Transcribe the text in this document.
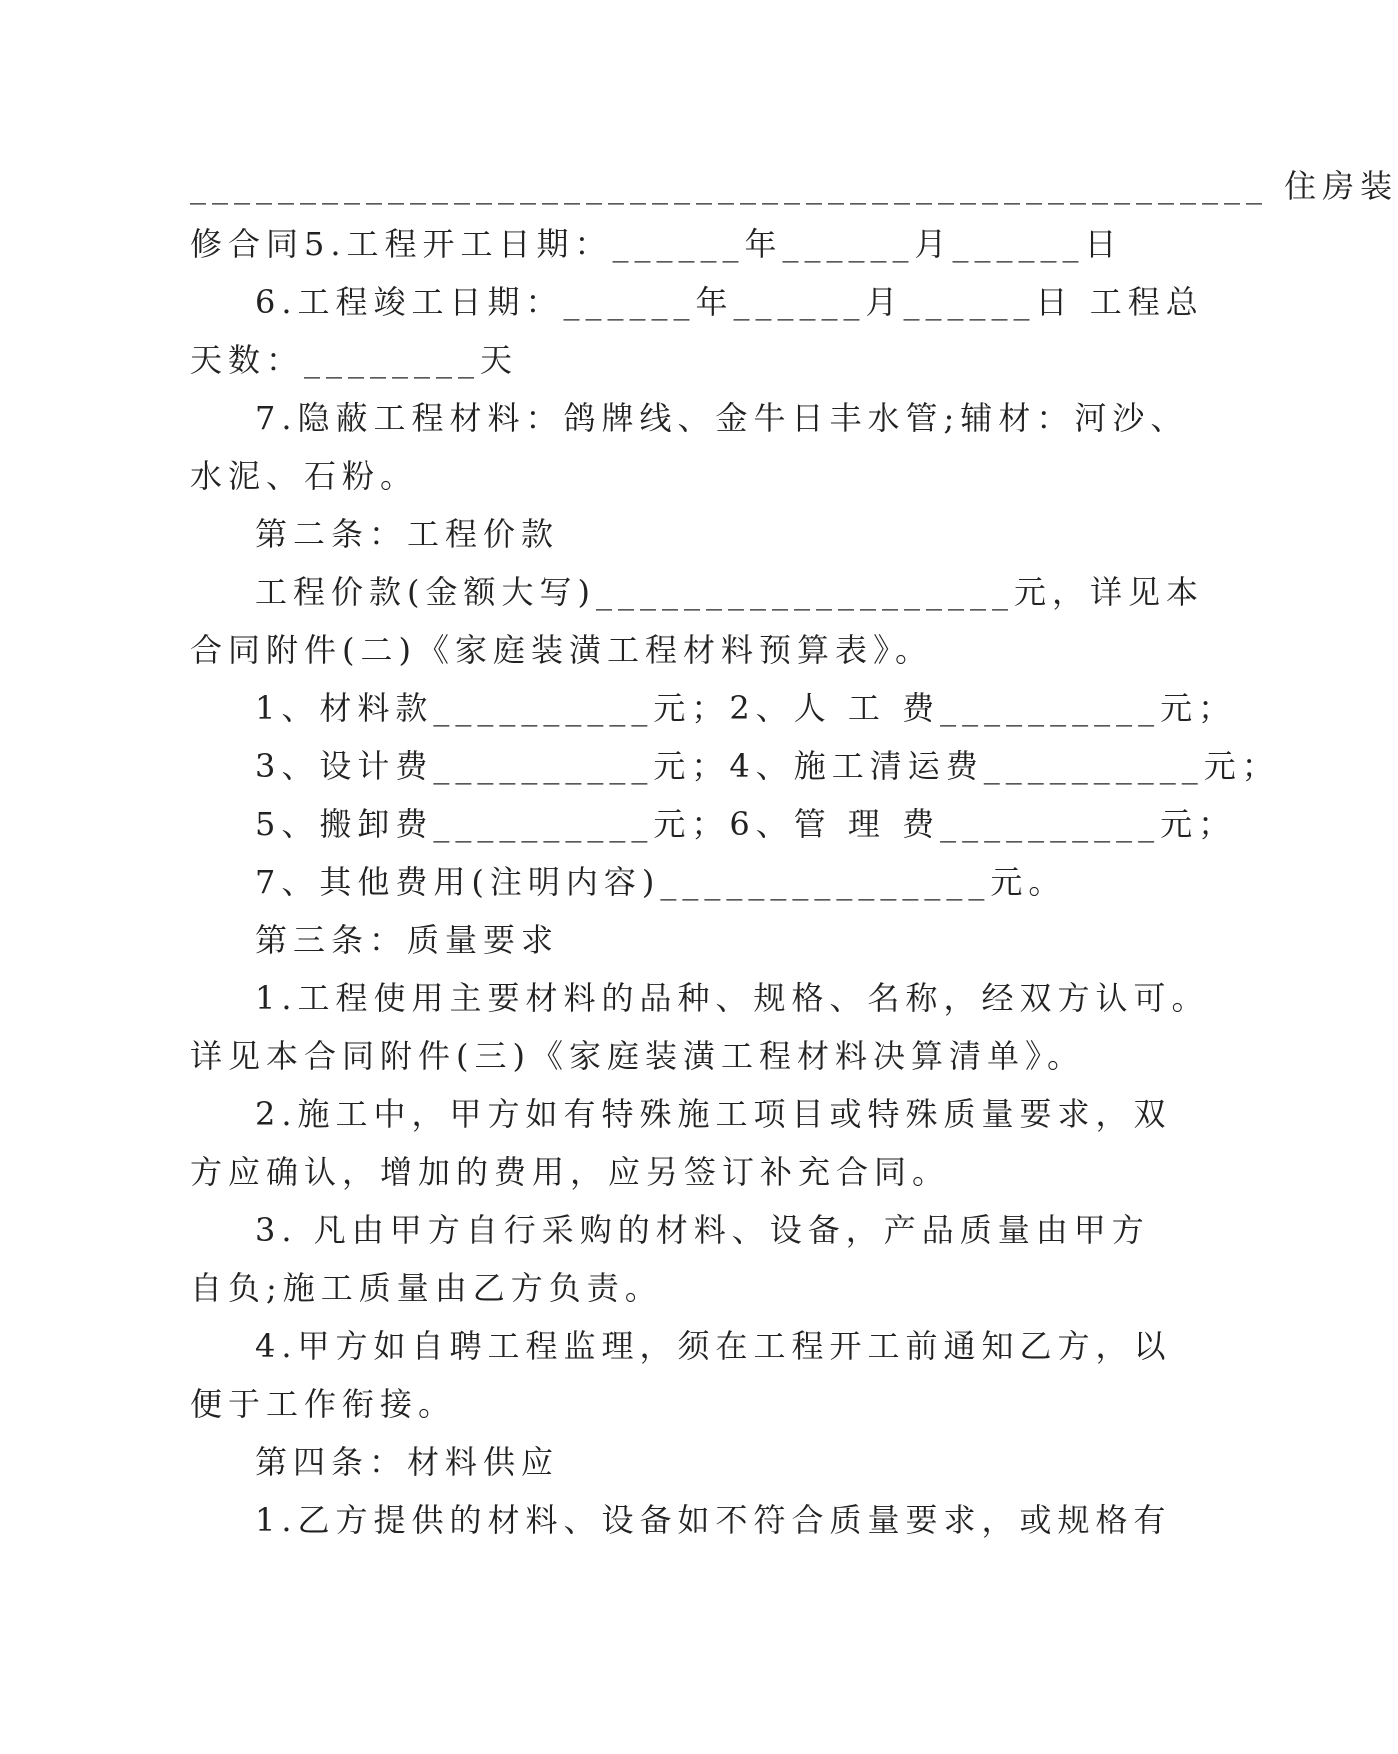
_________________________________________________ 住房装
修合同5.工程开工日期：______年______月______日
6.工程竣工日期：______年______月______日 工程总
天数：________天
7.隐蔽工程材料：鸽牌线、金牛日丰水管;辅材：河沙、
水泥、石粉。
第二条：工程价款
工程价款(金额大写)___________________元，详见本
合同附件(二)《家庭装潢工程材料预算表》。
1、材料款__________元；2、人 工 费__________元；
3、设计费__________元；4、施工清运费__________元；
5、搬卸费__________元；6、管 理 费__________元；
7、其他费用(注明内容)_______________元。
第三条：质量要求
1.工程使用主要材料的品种、规格、名称，经双方认可。
详见本合同附件(三)《家庭装潢工程材料决算清单》。
2.施工中，甲方如有特殊施工项目或特殊质量要求，双
方应确认，增加的费用，应另签订补充合同。
3. 凡由甲方自行采购的材料、设备，产品质量由甲方
自负;施工质量由乙方负责。
4.甲方如自聘工程监理，须在工程开工前通知乙方，以
便于工作衔接。
第四条：材料供应
1.乙方提供的材料、设备如不符合质量要求，或规格有
